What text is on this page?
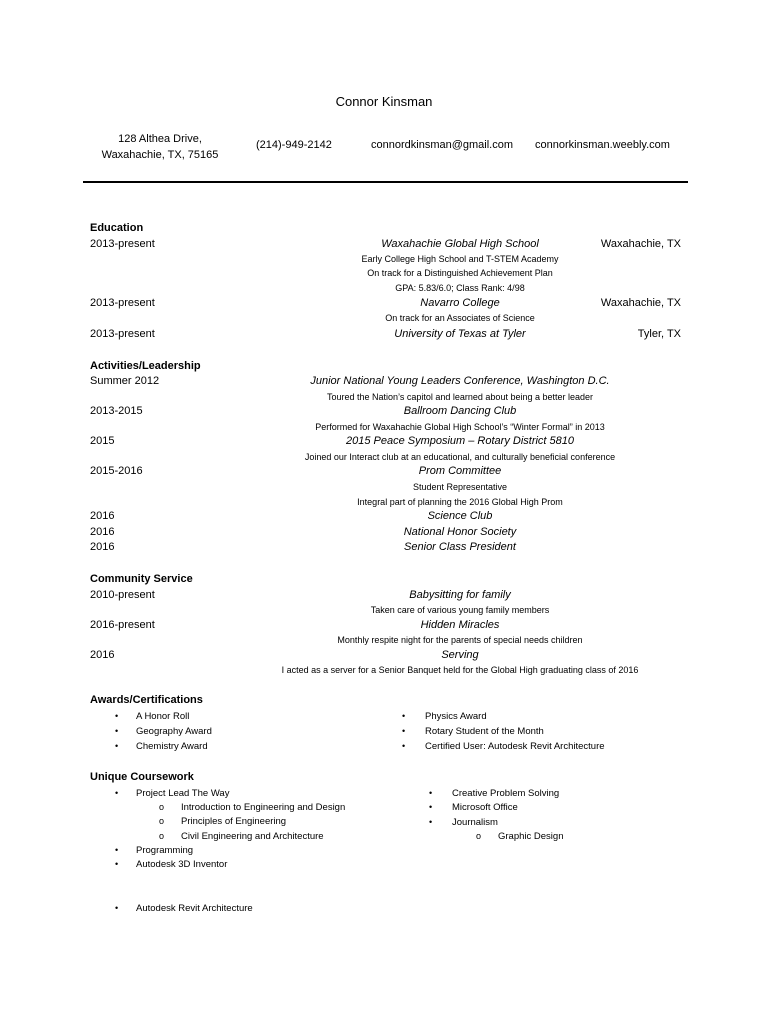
Connor Kinsman
128 Althea Drive,
Waxahachie, TX, 75165
(214)-949-2142	connordkinsman@gmail.com connorkinsman.weebly.com
Education
2013-present	Waxahachie Global High School	Waxahachie, TX
Early College High School and T-STEM Academy
On track for a Distinguished Achievement Plan
GPA: 5.83/6.0; Class Rank: 4/98
2013-present	Navarro College	Waxahachie, TX
On track for an Associates of Science
2013-present	University of Texas at Tyler	Tyler, TX
Activities/Leadership
Summer 2012	Junior National Young Leaders Conference, Washington D.C.
Toured the Nation’s capitol and learned about being a better leader
2013-2015	Ballroom Dancing Club
Performed for Waxahachie Global High School’s “Winter Formal” in 2013
2015	2015 Peace Symposium – Rotary District 5810
Joined our Interact club at an educational, and culturally beneficial conference
2015-2016	Prom Committee
Student Representative
Integral part of planning the 2016 Global High Prom
2016	Science Club
2016	National Honor Society
2016	Senior Class President
Community Service
2010-present	Babysitting for family
Taken care of various young family members
2016-present	Hidden Miracles
Monthly respite night for the parents of special needs children
2016	Serving
I acted as a server for a Senior Banquet held for the Global High graduating class of 2016
Awards/Certifications
• A Honor Roll
• Geography Award
• Chemistry Award
• Physics Award
• Rotary Student of the Month
• Certified User: Autodesk Revit Architecture
Unique Coursework
• Project Lead The Way
o Introduction to Engineering and Design
o Principles of Engineering
o Civil Engineering and Architecture
• Programming
• Autodesk 3D Inventor
• Autodesk Revit Architecture
• Creative Problem Solving
• Microsoft Office
• Journalism
o Graphic Design
